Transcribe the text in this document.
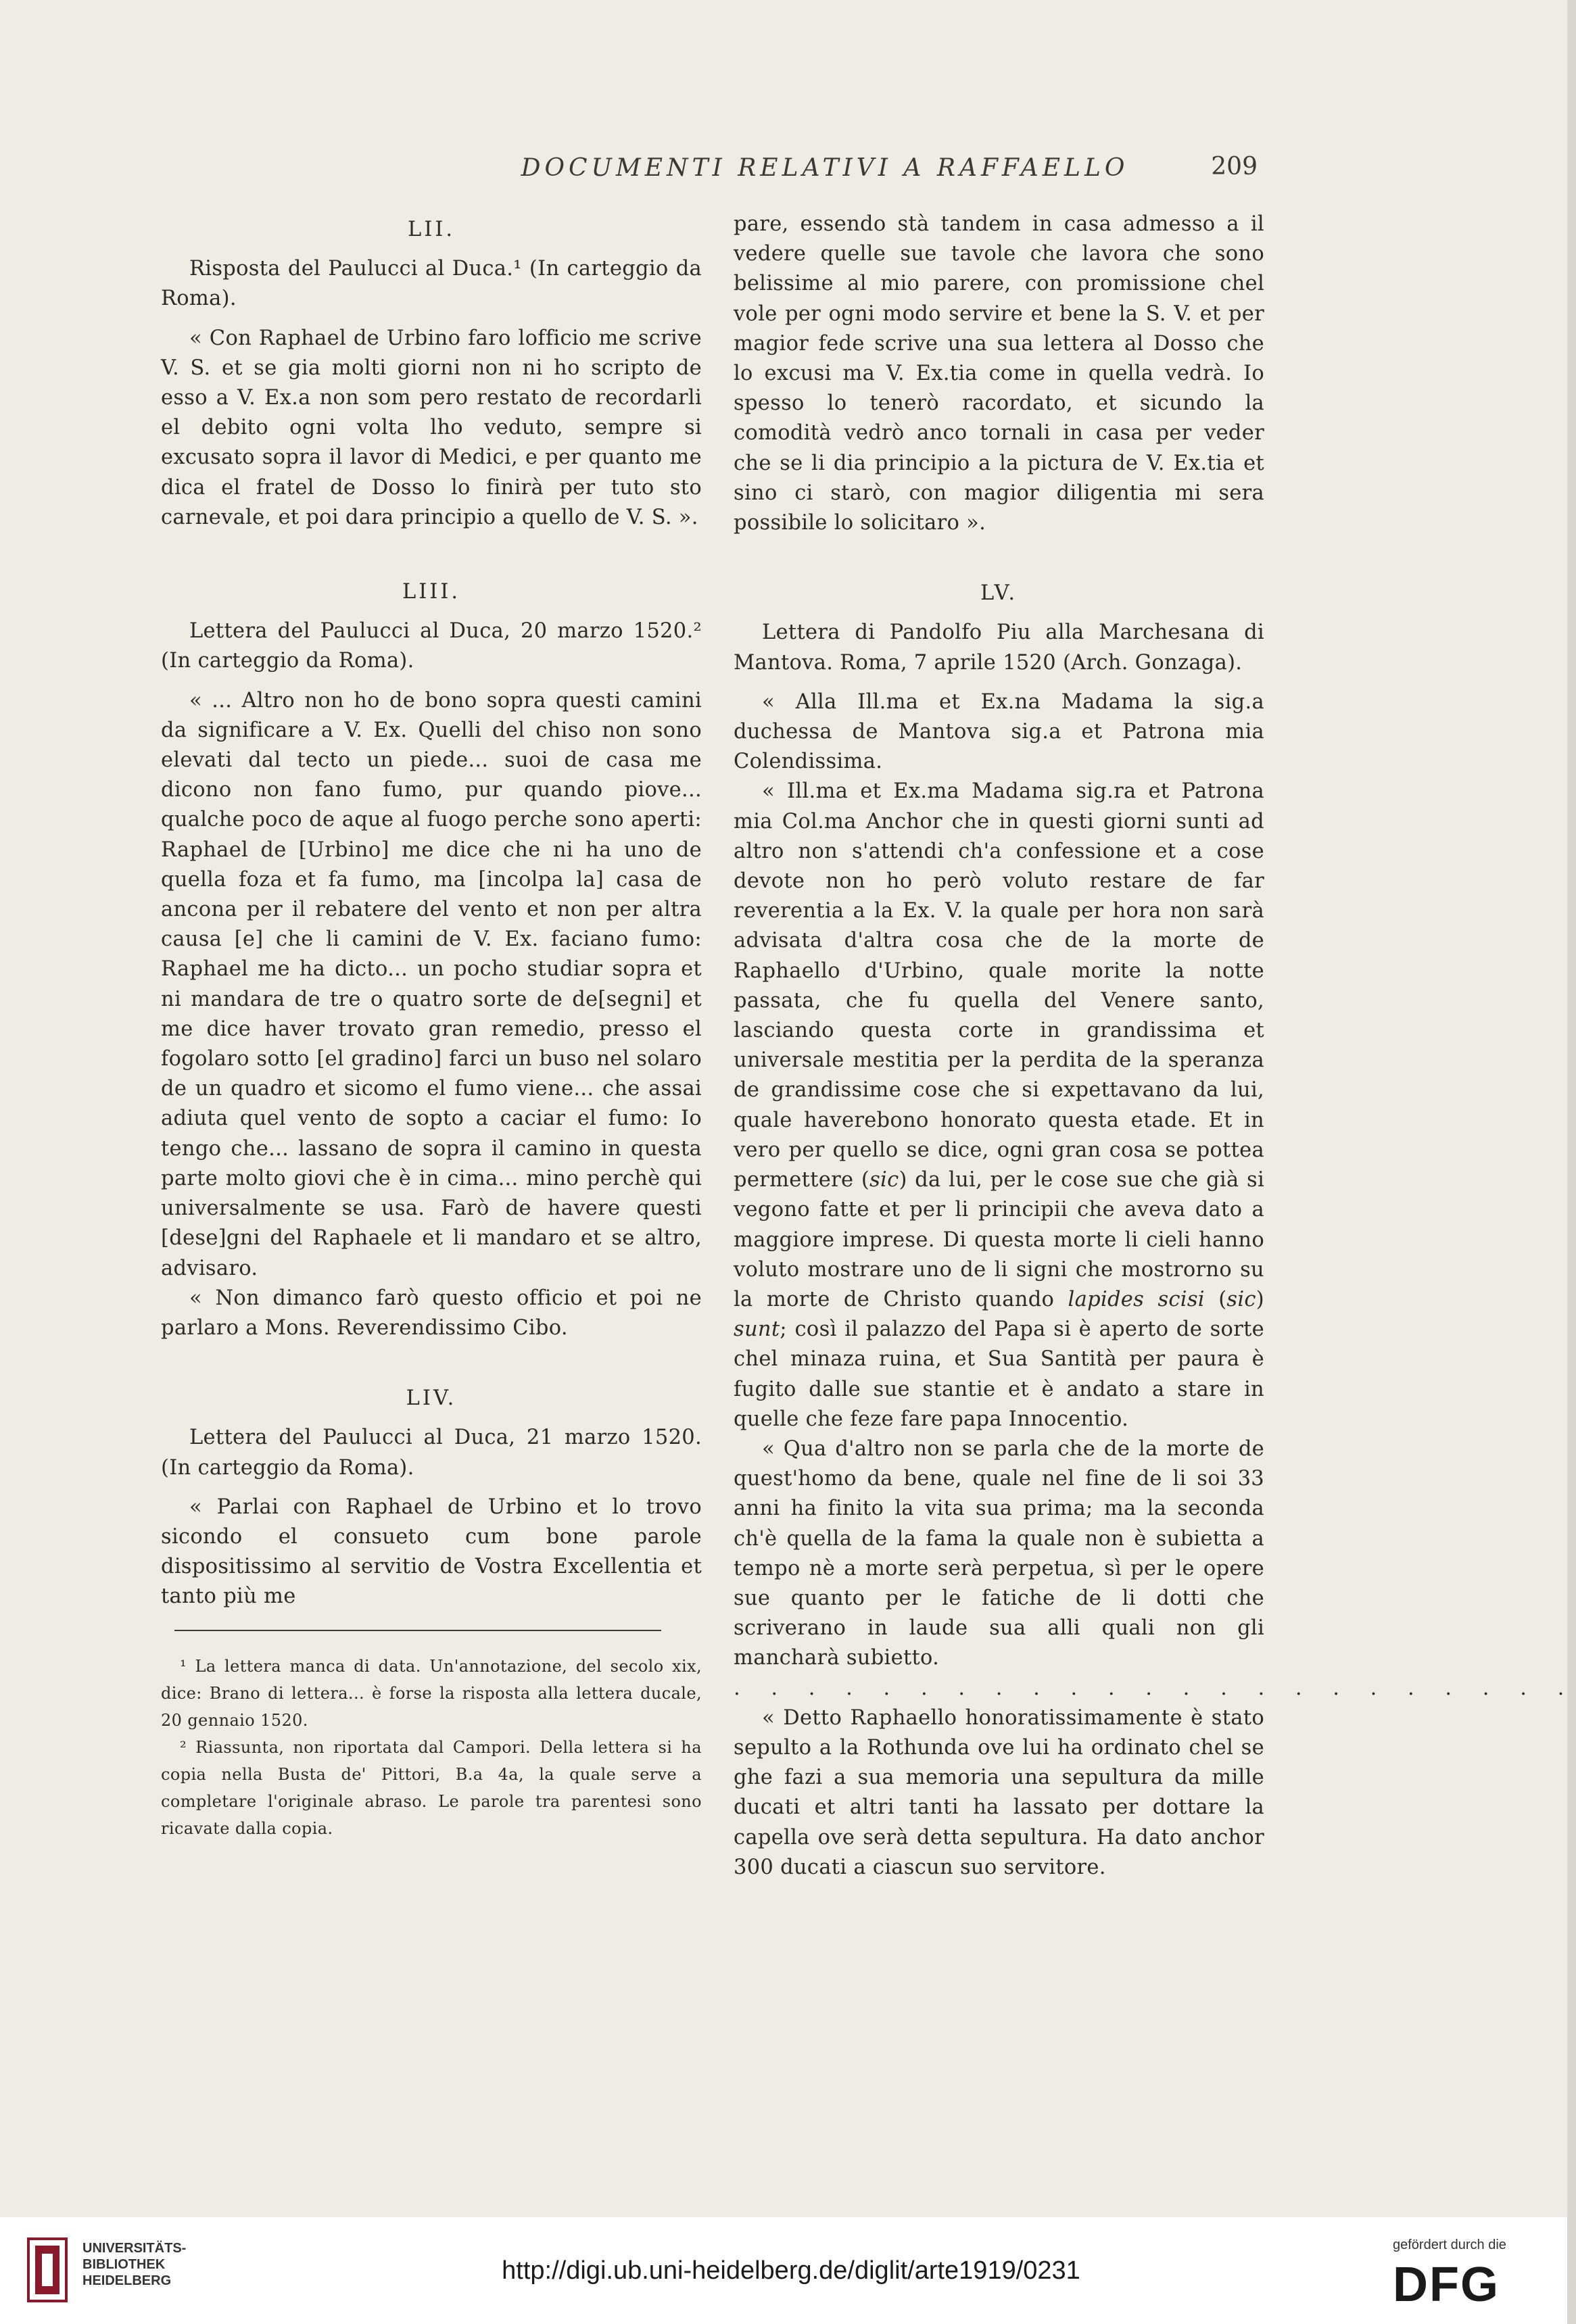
DOCUMENTI RELATIVI A RAFFAELLO	209

LII.

Risposta del Paulucci al Duca.¹ (In carteggio da Roma).

« Con Raphael de Urbino faro lofficio me scrive V. S. et se gia molti giorni non ni ho scripto de esso a V. Ex.a non som pero restato de recordarli el debito ogni volta lho veduto, sempre si excusato sopra il lavor di Medici, e per quanto me dica el fratel de Dosso lo finirà per tuto sto carnevale, et poi dara principio a quello de V. S. ».

LIII.

Lettera del Paulucci al Duca, 20 marzo 1520.² (In carteggio da Roma).

« ... Altro non ho de bono sopra questi camini da significare a V. Ex. Quelli del chiso non sono elevati dal tecto un piede... suoi de casa me dicono non fano fumo, pur quando piove... qualche poco de aque al fuogo perche sono aperti: Raphael de [Urbino] me dice che ni ha uno de quella foza et fa fumo, ma [incolpa la] casa de ancona per il rebatere del vento et non per altra causa [e] che li camini de V. Ex. faciano fumo: Raphael me ha dicto... un pocho studiar sopra et ni mandara de tre o quatro sorte de de[segni] et me dice haver trovato gran remedio, presso el fogolaro sotto [el gradino] farci un buso nel solaro de un quadro et sicomo el fumo viene... che assai adiuta quel vento de sopto a caciar el fumo: Io tengo che... lassano de sopra il camino in questa parte molto giovi che è in cima... mino perchè qui universalmente se usa. Farò de havere questi [dese]gni del Raphaele et li mandaro et se altro, advisaro.

« Non dimanco farò questo officio et poi ne parlaro a Mons. Reverendissimo Cibo.

LIV.

Lettera del Paulucci al Duca, 21 marzo 1520. (In carteggio da Roma).

« Parlai con Raphael de Urbino et lo trovo sicondo el consueto cum bone parole dispositissimo al servitio de Vostra Excellentia et tanto più me

¹ La lettera manca di data. Un'annotazione, del secolo xix, dice: Brano di lettera... è forse la risposta alla lettera ducale, 20 gennaio 1520.

² Riassunta, non riportata dal Campori. Della lettera si ha copia nella Busta de' Pittori, B.a 4a, la quale serve a completare l'originale abraso. Le parole tra parentesi sono ricavate dalla copia.

pare, essendo stà tandem in casa admesso a il vedere quelle sue tavole che lavora che sono belissime al mio parere, con promissione chel vole per ogni modo servire et bene la S. V. et per magior fede scrive una sua lettera al Dosso che lo excusi ma V. Ex.tia come in quella vedrà. Io spesso lo tenerò racordato, et sicundo la comodità vedrò anco tornali in casa per veder che se li dia principio a la pictura de V. Ex.tia et sino ci starò, con magior diligentia mi sera possibile lo solicitaro ».

LV.

Lettera di Pandolfo Piu alla Marchesana di Mantova. Roma, 7 aprile 1520 (Arch. Gonzaga).

« Alla Ill.ma et Ex.na Madama la sig.a duchessa de Mantova sig.a et Patrona mia Colendissima.

« Ill.ma et Ex.ma Madama sig.ra et Patrona mia Col.ma Anchor che in questi giorni sunti ad altro non s'attendi ch'a confessione et a cose devote non ho però voluto restare de far reverentia a la Ex. V. la quale per hora non sarà advisata d'altra cosa che de la morte de Raphaello d'Urbino, quale morite la notte passata, che fu quella del Venere santo, lasciando questa corte in grandissima et universale mestitia per la perdita de la speranza de grandissime cose che si expettavano da lui, quale haverebono honorato questa etade. Et in vero per quello se dice, ogni gran cosa se pottea permettere (sic) da lui, per le cose sue che già si vegono fatte et per li principii che aveva dato a maggiore imprese. Di questa morte li cieli hanno voluto mostrare uno de li signi che mostrorno su la morte de Christo quando lapides scisi (sic) sunt; così il palazzo del Papa si è aperto de sorte chel minaza ruina, et Sua Santità per paura è fugito dalle sue stantie et è andato a stare in quelle che feze fare papa Innocentio.

« Qua d'altro non se parla che de la morte de quest'homo da bene, quale nel fine de li soi 33 anni ha finito la vita sua prima; ma la seconda ch'è quella de la fama la quale non è subietta a tempo nè a morte serà perpetua, sì per le opere sue quanto per le fatiche de li dotti che scriverano in laude sua alli quali non gli mancharà subietto.

. . . . . . . . . . . . . . . . . . . . . . .

« Detto Raphaello honoratissimamente è stato sepulto a la Rothunda ove lui ha ordinato chel se ghe fazi a sua memoria una sepultura da mille ducati et altri tanti ha lassato per dottare la capella ove serà detta sepultura. Ha dato anchor 300 ducati a ciascun suo servitore.

UNIVERSITÄTS-
BIBLIOTHEK
HEIDELBERG	http://digi.ub.uni-heidelberg.de/diglit/arte1919/0231
gefördert durch die
DFG
